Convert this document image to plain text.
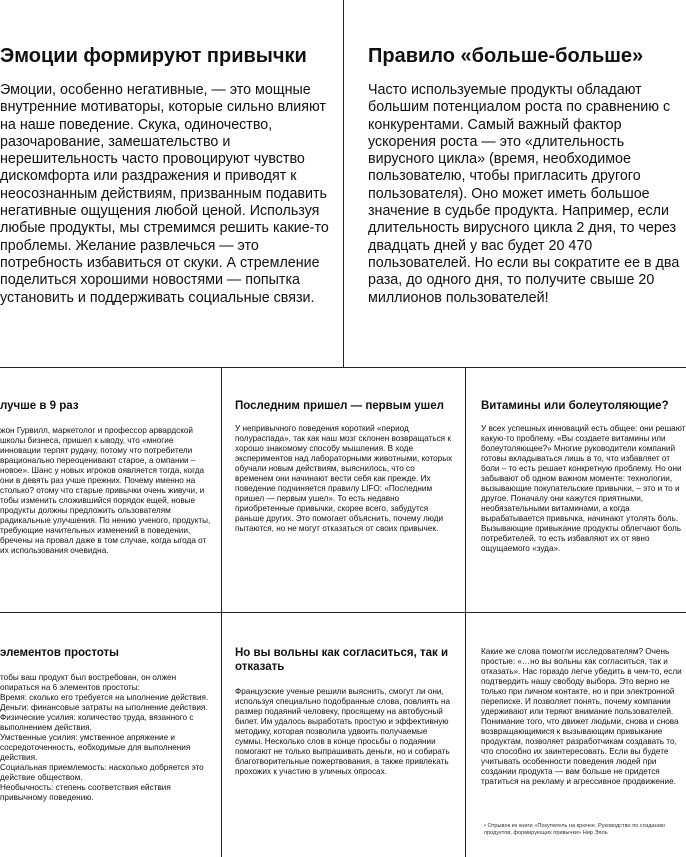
Эмоции формируют привычки

Эмоции, особенно негативные, — это мощные внутренние мотиваторы, которые сильно влияют на наше поведение. Скука, одиночество, разочарование, замешательство и нерешительность часто провоцируют чувство дискомфорта или раздражения и приводят к неосознанным действиям, призванным подавить негативные ощущения любой ценой. Используя любые продукты, мы стремимся решить какие-то проблемы. Желание развлечься — это потребность избавиться от скуки. А стремление поделиться хорошими новостями — попытка установить и поддерживать социальные связи.

Правило «больше-больше»

Часто используемые продукты обладают большим потенциалом роста по сравнению с конкурентами. Самый важный фактор ускорения роста — это «длительность вирусного цикла» (время, необходимое пользователю, чтобы пригласить другого пользователя). Оно может иметь большое значение в судьбе продукта. Например, если длительность вирусного цикла 2 дня, то через двадцать дней у вас будет 20 470 пользователей. Но если вы сократите ее в два раза, до одного дня, то получите свыше 20 миллионов пользователей!

лучше в 9 раз

жон Гурвилл, маркетолог и профессор арвардской школы бизнеса, пришел к ыводу, что «многие инновации терпят рудачу, потому что потребители врационально переоценивают старое, а омпании – новое». Шанс у новых игроков оявляется тогда, когда они в девять раз учше прежних. Почему именно на столько? отому что старые привычки очень живучи, и тобы изменить сложившийся порядок ещей, новые продукты должны предложить ользователям радикальные улучшения. По нению ученого, продукты, требующие начительных изменений в поведении, бречены на провал даже в том случае, когда ыгода от их использования очевидна.

Последним пришел — первым ушел

У непривычного поведения короткий «период полураспада», так как наш мозг склонен возвращаться к хорошо знакомому способу мышления. В ходе экспериментов над лабораторными животными, которых обучали новым действиям, выяснилось, что со временем они начинают вести себя как прежде. Их поведение подчиняется правилу LIFO: «Последним пришел — первым ушел». То есть недавно приобретенные привычки, скорее всего, забудутся раньше других. Это помогает объяснить, почему люди пытаются, но не могут отказаться от своих привычек.

Витамины или болеутоляющие?

У всех успешных инноваций есть общее: они решают какую-то проблему. «Вы создаете витамины или болеутоляющее?» Многие руководители компаний готовы вкладываться лишь в то, что избавляет от боли – то есть решает конкретную проблему. Но они забывают об одном важном моменте: технологии, вызывающие покупательские привычки, – это и то и другое. Поначалу они кажутся приятными, необязательными витаминами, а когда вырабатывается привычка, начинают утолять боль. Вызывающие привыкание продукты облегчают боль потребителей, то есть избавляют их от явно ощущаемого «зуда».

элементов простоты
тобы ваш продукт был востребован, он олжен опираться на 6 элементов простоты:
Время: сколько его требуется на ыполнение действия.
Деньги: финансовые затраты на ыполнение действия.
Физические усилия: количество труда, вязанного с выполнением действия.
Умственные усилия: умственное апряжение и сосредоточенность, еобходимые для выполнения действия.
Социальная приемлемость: насколько добряется это действие обществом.
Необычность: степень соответствия ействия привычному поведению.
Но вы вольны как согласиться, так и отказать

Французские ученые решили выяснить, смогут ли они, используя специально подобранные слова, повлиять на размер подаяний человеку, просящему на автобусный билет. Им удалось выработать простую и эффективную методику, которая позволила удвоить получаемые суммы. Несколько слов в конце просьбы о подаянии помогают не только выпрашивать деньги, но и собирать благотворительные пожертвования, а также привлекать прохожих к участию в уличных опросах.

Какие же слова помогли исследователям? Очень простые: «…но вы вольны как согласиться, так и отказать». Нас гораздо легче убедить в чем-то, если подтвердить нашу свободу выбора. Это верно не только при личном контакте, но и при электронной переписке. И позволяет понять, почему компании удерживают или теряют внимание пользователей. Понимание того, что движет людьми, снова и снова возвращающимися к вызывающим привыкание продуктам, позволяет разработчикам создавать то, что способно их заинтересовать. Если вы будете учитывать особенности поведения людей при создании продукта — вам больше не придется тратиться на рекламу и агрессивное продвижение.

• Отрывок из книги «Покупатель на крючке. Руководство по созданию продуктов, формирующих привычки» Нир Эяль
